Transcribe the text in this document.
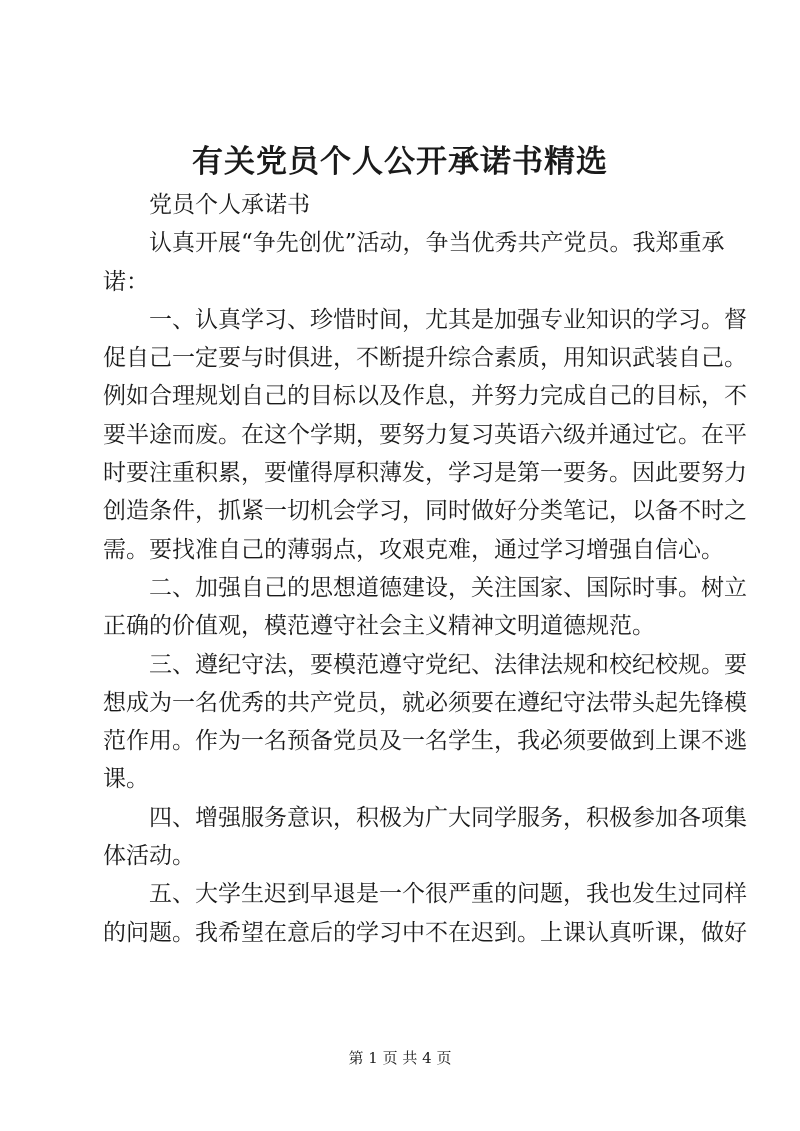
有关党员个人公开承诺书精选
党员个人承诺书
认真开展“争先创优”活动，争当优秀共产党员。我郑重承
诺：
一、认真学习、珍惜时间，尤其是加强专业知识的学习。督
促自己一定要与时俱进，不断提升综合素质，用知识武装自己。
例如合理规划自己的目标以及作息，并努力完成自己的目标，不
要半途而废。在这个学期，要努力复习英语六级并通过它。在平
时要注重积累，要懂得厚积薄发，学习是第一要务。因此要努力
创造条件，抓紧一切机会学习，同时做好分类笔记，以备不时之
需。要找准自己的薄弱点，攻艰克难，通过学习增强自信心。
二、加强自己的思想道德建设，关注国家、国际时事。树立
正确的价值观，模范遵守社会主义精神文明道德规范。
三、遵纪守法，要模范遵守党纪、法律法规和校纪校规。要
想成为一名优秀的共产党员，就必须要在遵纪守法带头起先锋模
范作用。作为一名预备党员及一名学生，我必须要做到上课不逃
课。
四、增强服务意识，积极为广大同学服务，积极参加各项集
体活动。
五、大学生迟到早退是一个很严重的问题，我也发生过同样
的问题。我希望在意后的学习中不在迟到。上课认真听课，做好
第 1 页 共 4 页
